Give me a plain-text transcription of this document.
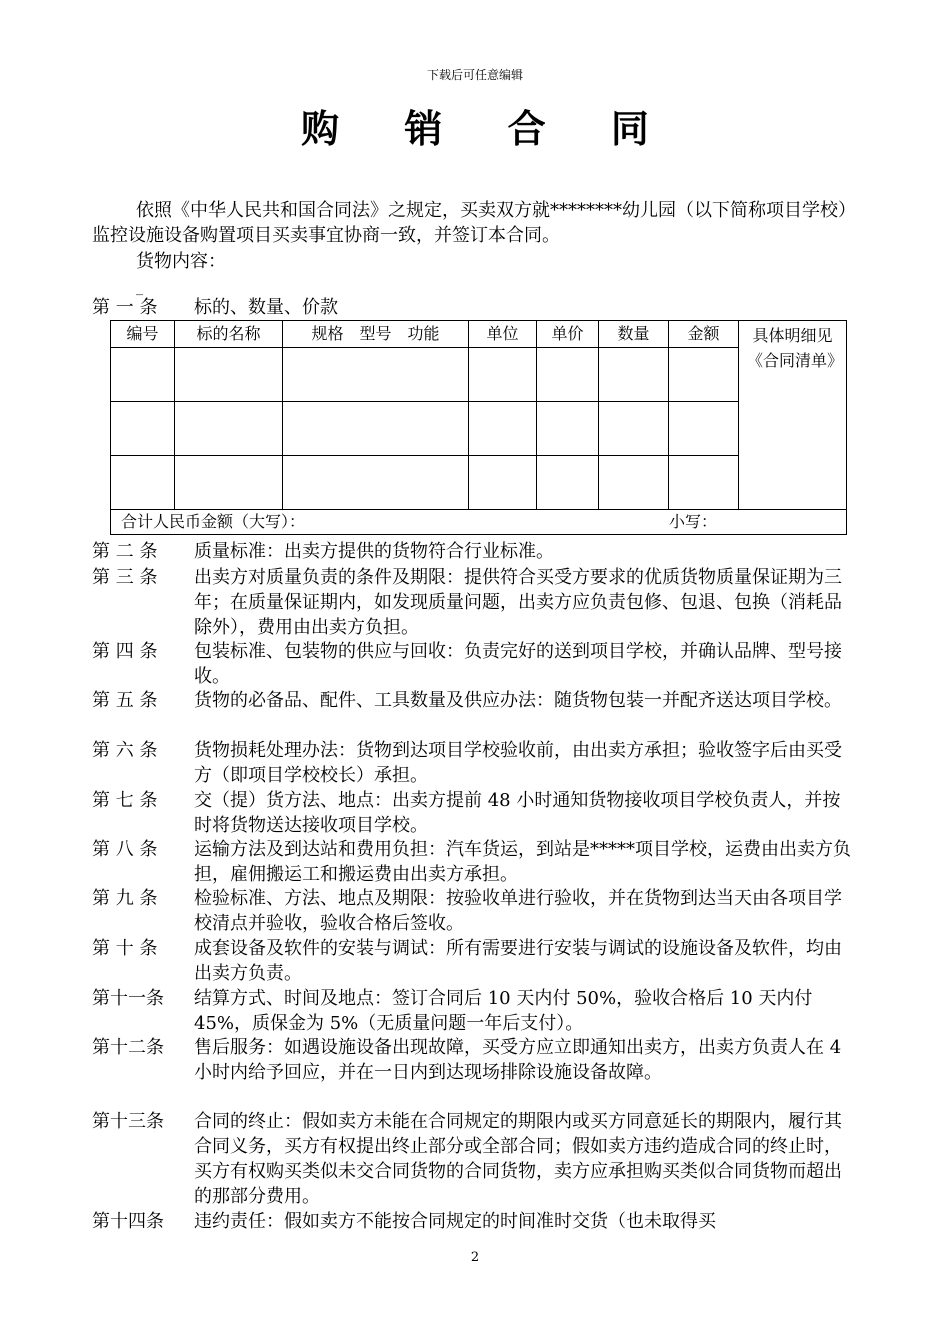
下载后可任意编辑
购 销 合 同
依照《中华人民共和国合同法》之规定，买卖双方就********幼儿园（以下简称项目学校）监控设施设备购置项目买卖事宜协商一致，并签订本合同。
货物内容：
_
第 一 条	标的、数量、价款
编号	标的名称	规格　型号　功能	单位	单价	数量	金额	具体明细见《合同清单》

合计人民币金额（大写）： 小写：							
第 二 条	质量标准：出卖方提供的货物符合行业标准。
第 三 条	出卖方对质量负责的条件及期限：提供符合买受方要求的优质货物质量保证期为三年；在质量保证期内，如发现质量问题，出卖方应负责包修、包退、包换（消耗品除外），费用由出卖方负担。
第 四 条	包装标准、包装物的供应与回收：负责完好的送到项目学校，并确认品牌、型号接收。
第 五 条	货物的必备品、配件、工具数量及供应办法：随货物包装一并配齐送达项目学校。
第 六 条	货物损耗处理办法：货物到达项目学校验收前，由出卖方承担；验收签字后由买受方（即项目学校校长）承担。
第 七 条	交（提）货方法、地点：出卖方提前 48 小时通知货物接收项目学校负责人，并按时将货物送达接收项目学校。
第 八 条	运输方法及到达站和费用负担：汽车货运，到站是*****项目学校，运费由出卖方负担，雇佣搬运工和搬运费由出卖方承担。
第 九 条	检验标准、方法、地点及期限：按验收单进行验收，并在货物到达当天由各项目学校清点并验收，验收合格后签收。
第 十 条	成套设备及软件的安装与调试：所有需要进行安装与调试的设施设备及软件，均由出卖方负责。
第十一条	结算方式、时间及地点：签订合同后 10 天内付 50%，验收合格后 10 天内付 45%，质保金为 5%（无质量问题一年后支付）。
第十二条	售后服务：如遇设施设备出现故障，买受方应立即通知出卖方，出卖方负责人在 4 小时内给予回应，并在一日内到达现场排除设施设备故障。
第十三条	合同的终止：假如卖方未能在合同规定的期限内或买方同意延长的期限内，履行其合同义务，买方有权提出终止部分或全部合同；假如卖方违约造成合同的终止时，买方有权购买类似未交合同货物的合同货物，卖方应承担购买类似合同货物而超出的那部分费用。
第十四条	违约责任：假如卖方不能按合同规定的时间准时交货（也未取得买
2
